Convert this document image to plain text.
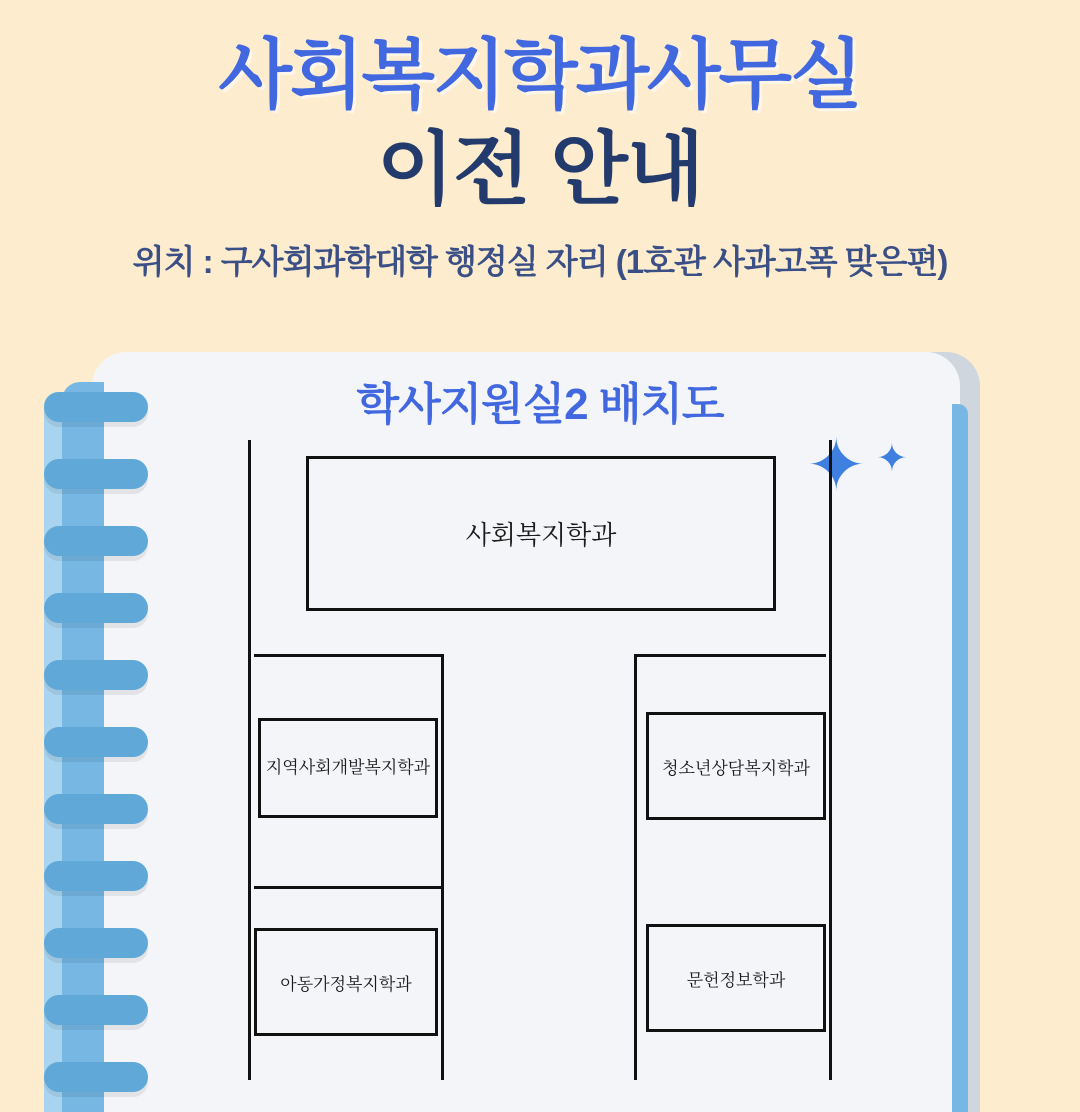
사회복지학과사무실
이전 안내
위치 : 구사회과학대학 행정실 자리 (1호관 사과고폭 맞은편)
학사지원실2 배치도
✦ ✦
사회복지학과
지역사회개발복지학과
아동가정복지학과
청소년상담복지학과
문헌정보학과
